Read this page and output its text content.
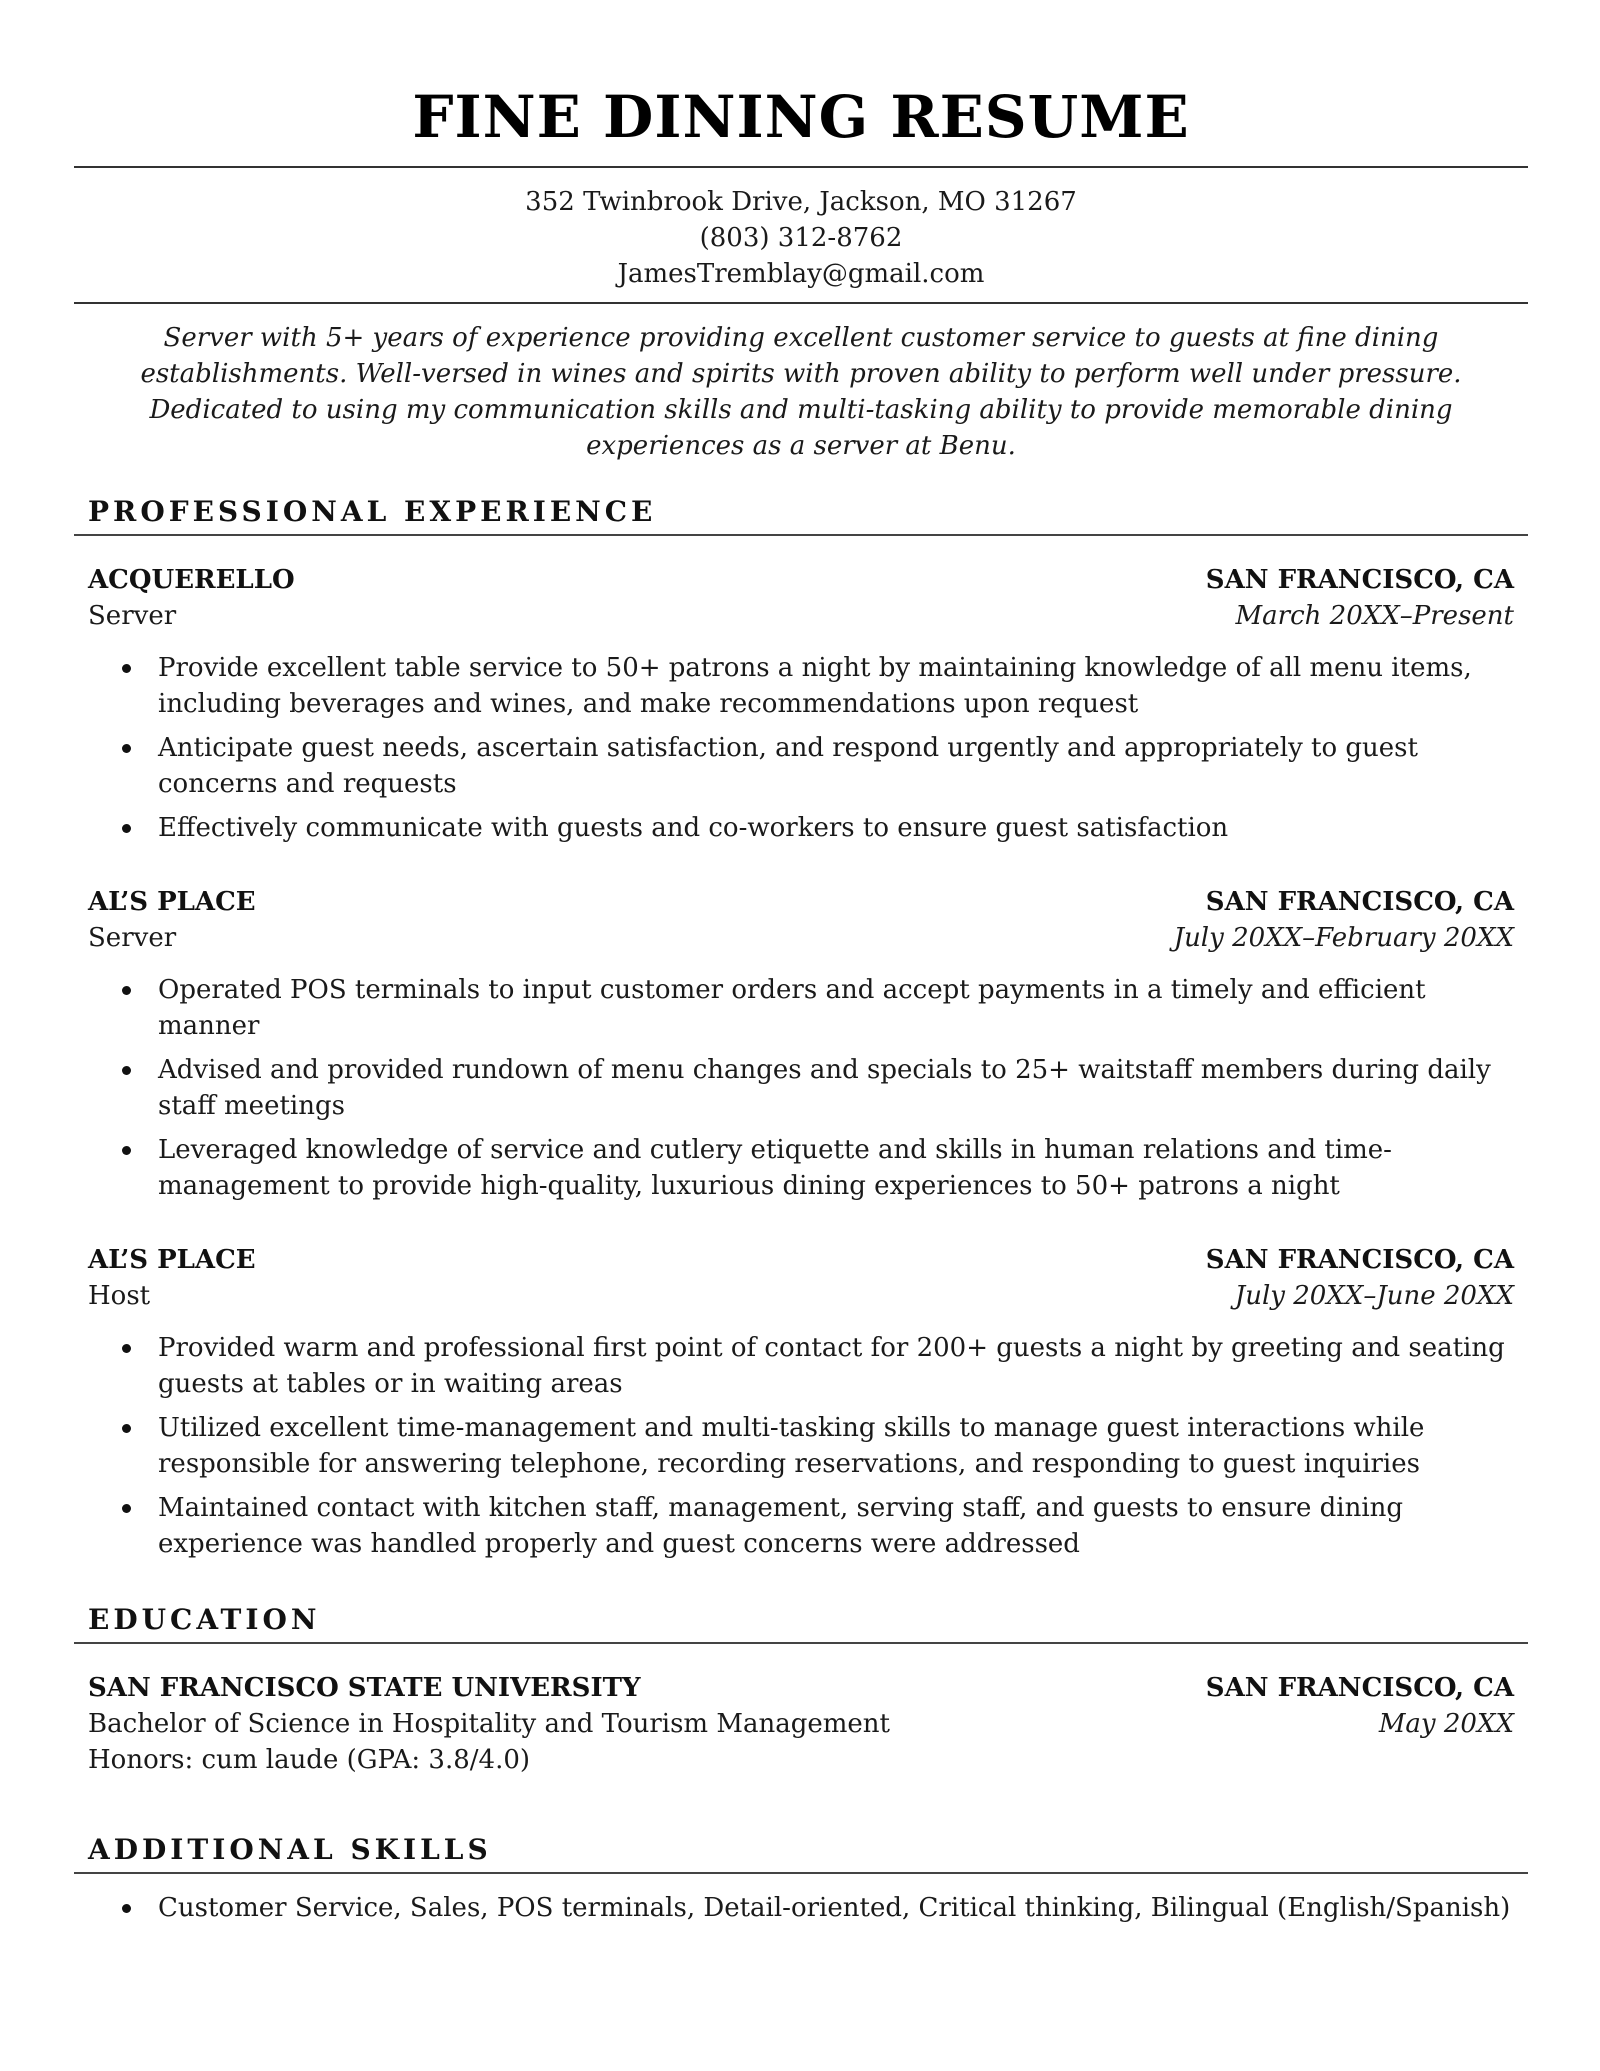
FINE DINING RESUME
352 Twinbrook Drive, Jackson, MO 31267
(803) 312-8762
JamesTremblay@gmail.com
Server with 5+ years of experience providing excellent customer service to guests at fine dining establishments. Well-versed in wines and spirits with proven ability to perform well under pressure. Dedicated to using my communication skills and multi-tasking ability to provide memorable dining experiences as a server at Benu.
PROFESSIONAL EXPERIENCE
ACQUERELLO	SAN FRANCISCO, CA
Server	March 20XX–Present
Provide excellent table service to 50+ patrons a night by maintaining knowledge of all menu items, including beverages and wines, and make recommendations upon request
Anticipate guest needs, ascertain satisfaction, and respond urgently and appropriately to guest concerns and requests
Effectively communicate with guests and co-workers to ensure guest satisfaction
AL’S PLACE	SAN FRANCISCO, CA
Server	July 20XX–February 20XX
Operated POS terminals to input customer orders and accept payments in a timely and efficient manner
Advised and provided rundown of menu changes and specials to 25+ waitstaff members during daily staff meetings
Leveraged knowledge of service and cutlery etiquette and skills in human relations and time-management to provide high-quality, luxurious dining experiences to 50+ patrons a night
AL’S PLACE	SAN FRANCISCO, CA
Host	July 20XX–June 20XX
Provided warm and professional first point of contact for 200+ guests a night by greeting and seating guests at tables or in waiting areas
Utilized excellent time-management and multi-tasking skills to manage guest interactions while responsible for answering telephone, recording reservations, and responding to guest inquiries
Maintained contact with kitchen staff, management, serving staff, and guests to ensure dining experience was handled properly and guest concerns were addressed
EDUCATION
SAN FRANCISCO STATE UNIVERSITY	SAN FRANCISCO, CA
Bachelor of Science in Hospitality and Tourism Management	May 20XX
Honors: cum laude (GPA: 3.8/4.0)
ADDITIONAL SKILLS
Customer Service, Sales, POS terminals, Detail-oriented, Critical thinking, Bilingual (English/Spanish)
